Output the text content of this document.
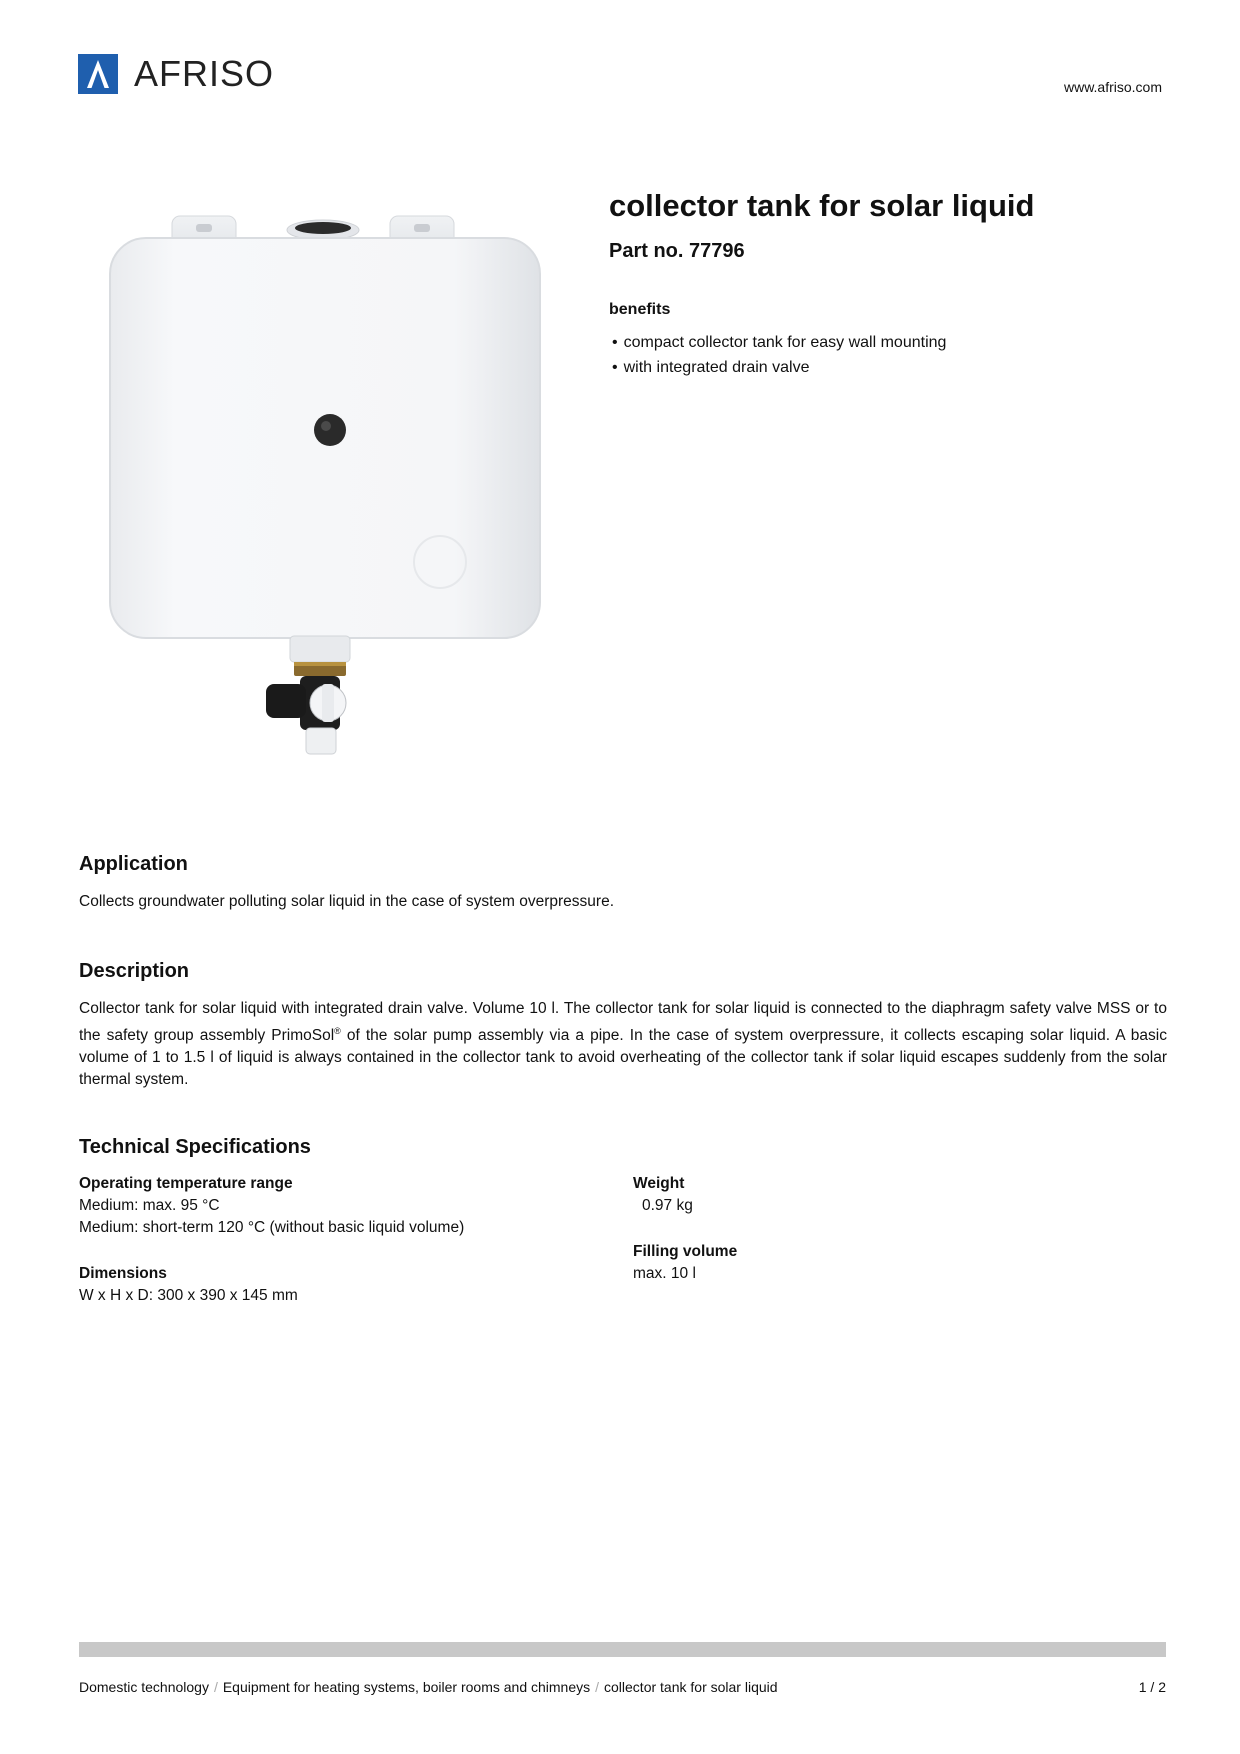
AFRISO	www.afriso.com
collector tank for solar liquid
Part no. 77796
benefits
• compact collector tank for easy wall mounting
• with integrated drain valve
Application

Collects groundwater polluting solar liquid in the case of system overpressure.

Description

Collector tank for solar liquid with integrated drain valve. Volume 10 l. The collector tank for solar liquid is connected to the diaphragm safety valve MSS or to the safety group assembly PrimoSol® of the solar pump assembly via a pipe. In the case of system overpressure, it collects escaping solar liquid. A basic volume of 1 to 1.5 l of liquid is always contained in the collector tank to avoid overheating of the collector tank if solar liquid escapes suddenly from the solar thermal system.

Technical Specifications
Operating temperature range
Medium: max. 95 °C
Medium: short-term 120 °C (without basic liquid volume)
Dimensions
W x H x D: 300 x 390 x 145 mm
Weight
0.97 kg
Filling volume
max. 10 l
Domestic technology / Equipment for heating systems, boiler rooms and chimneys / collector tank for solar liquid	1 / 2
